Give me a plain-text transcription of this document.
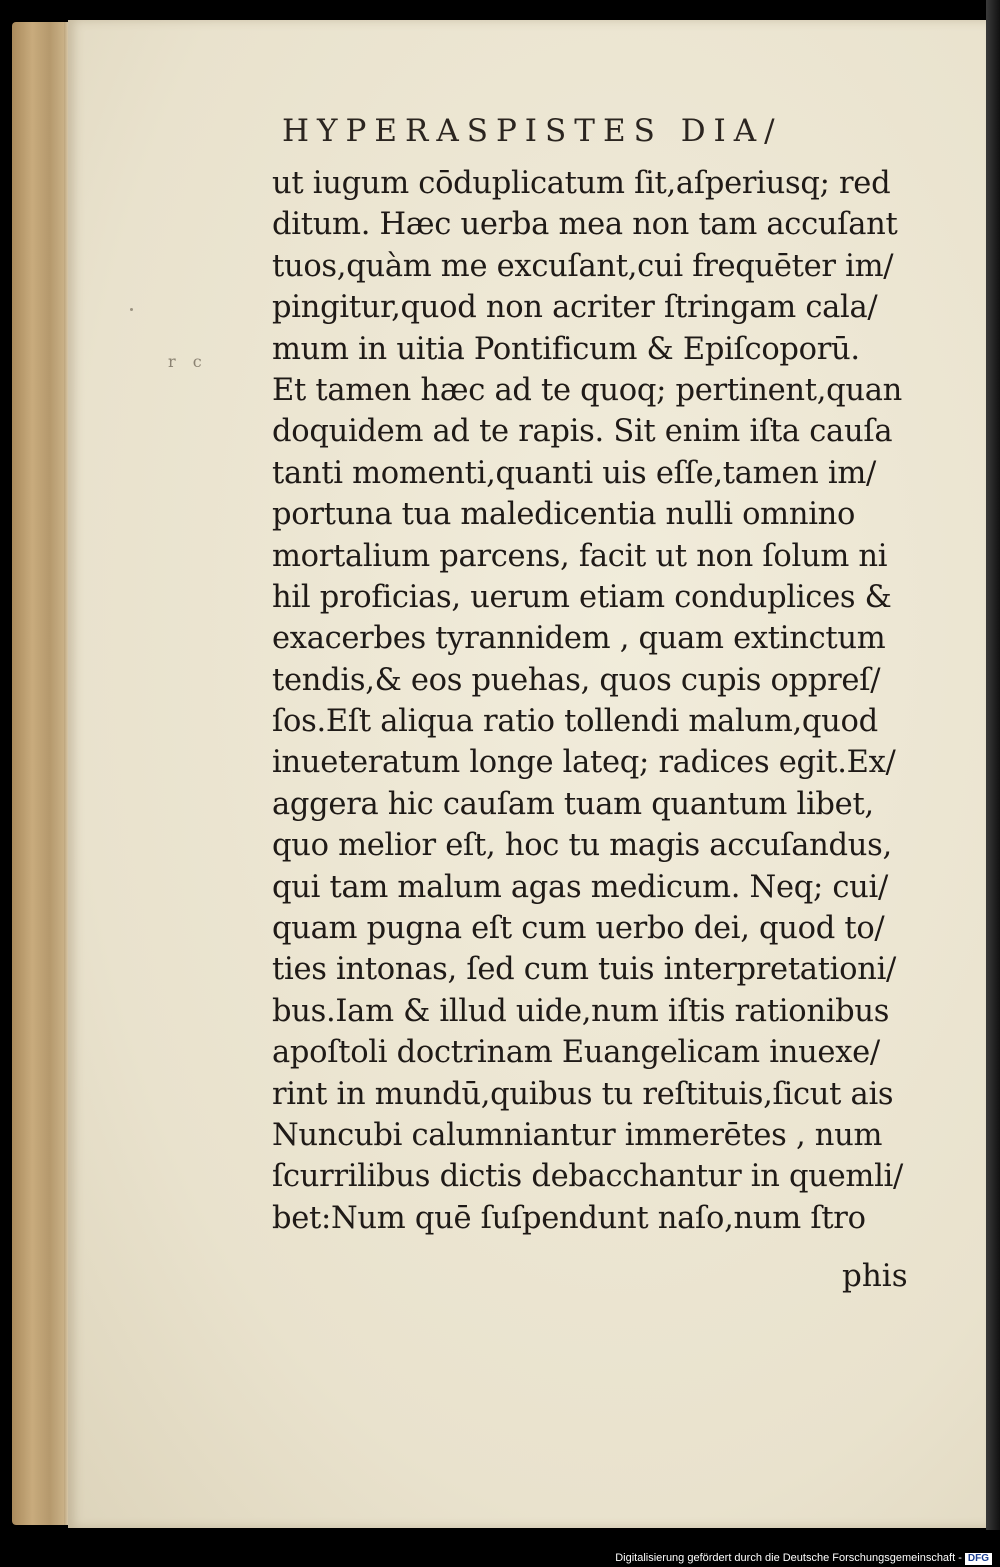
r c
HYPERASPISTES DIA/
ut iugum cōduplicatum ſit,aſperiusq; red
ditum. Hæc uerba mea non tam accuſant
tuos,quàm me excuſant,cui frequēter im/
pingitur,quod non acriter ſtringam cala/
mum in uitia Pontificum & Epiſcoporū.
Et tamen hæc ad te quoq; pertinent,quan
doquidem ad te rapis. Sit enim iſta cauſa
tanti momenti,quanti uis eſſe,tamen im/
portuna tua maledicentia nulli omnino
mortalium parcens, facit ut non ſolum ni
hil proficias, uerum etiam conduplices &
exacerbes tyrannidem , quam extinctum
tendis,& eos puehas, quos cupis oppreſ/
ſos.Eſt aliqua ratio tollendi malum,quod
inueteratum longe lateq; radices egit.Ex/
aggera hic cauſam tuam quantum libet,
quo melior eſt, hoc tu magis accuſandus,
qui tam malum agas medicum. Neq; cui/
quam pugna eſt cum uerbo dei, quod to/
ties intonas, ſed cum tuis interpretationi/
bus.Iam & illud uide,num iſtis rationibus
apoſtoli doctrinam Euangelicam inuexe/
rint in mundū,quibus tu reſtituis,ſicut ais
Nuncubi calumniantur immerētes , num
ſcurrilibus dictis debacchantur in quemli/
bet:Num quē ſuſpendunt naſo,num ſtro
phis
Digitalisierung gefördert durch die Deutsche Forschungsgemeinschaft - DFG
